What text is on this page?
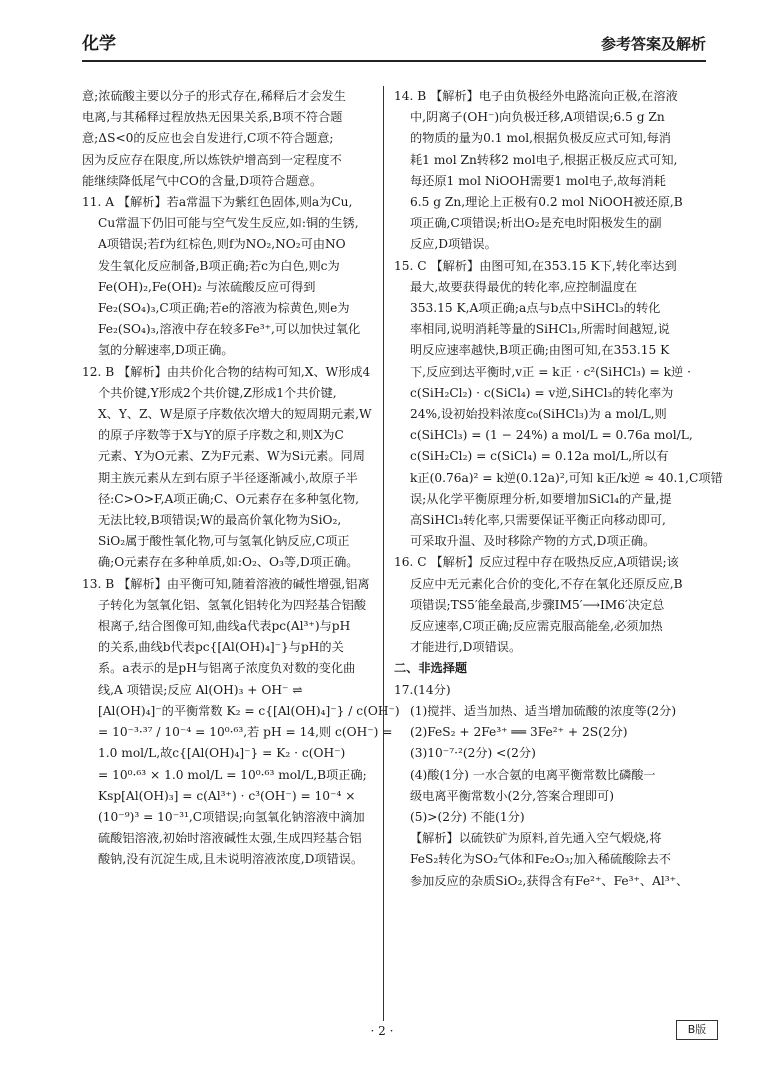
化学	参考答案及解析

意;浓硫酸主要以分子的形式存在,稀释后才会发生

电离,与其稀释过程放热无因果关系,B项不符合题

意;ΔS<0的反应也会自发进行,C项不符合题意;

因为反应存在限度,所以炼铁炉增高到一定程度不

能继续降低尾气中CO的含量,D项符合题意。

11. A 【解析】若a常温下为紫红色固体,则a为Cu,

Cu常温下仍旧可能与空气发生反应,如:铜的生锈,

A项错误;若f为红棕色,则f为NO₂,NO₂可由NO

发生氧化反应制备,B项正确;若c为白色,则c为

Fe(OH)₂,Fe(OH)₂ 与浓硫酸反应可得到

Fe₂(SO₄)₃,C项正确;若e的溶液为棕黄色,则e为

Fe₂(SO₄)₃,溶液中存在较多Fe³⁺,可以加快过氧化

氢的分解速率,D项正确。

12. B 【解析】由共价化合物的结构可知,X、W形成4

个共价键,Y形成2个共价键,Z形成1个共价键,

X、Y、Z、W是原子序数依次增大的短周期元素,W

的原子序数等于X与Y的原子序数之和,则X为C

元素、Y为O元素、Z为F元素、W为Si元素。同周

期主族元素从左到右原子半径逐渐减小,故原子半

径:C>O>F,A项正确;C、O元素存在多种氢化物,

无法比较,B项错误;W的最高价氧化物为SiO₂,

SiO₂属于酸性氧化物,可与氢氧化钠反应,C项正

确;O元素存在多种单质,如:O₂、O₃等,D项正确。

13. B 【解析】由平衡可知,随着溶液的碱性增强,铝离

子转化为氢氧化铝、氢氧化铝转化为四羟基合铝酸

根离子,结合图像可知,曲线a代表pc(Al³⁺)与pH

的关系,曲线b代表pc{[Al(OH)₄]⁻}与pH的关

系。a表示的是pH与铝离子浓度负对数的变化曲

线,A 项错误;反应 Al(OH)₃ + OH⁻ ⇌

[Al(OH)₄]⁻的平衡常数 K₂ = c{[Al(OH)₄]⁻} / c(OH⁻)

= 10⁻³·³⁷ / 10⁻⁴ = 10⁰·⁶³,若 pH = 14,则 c(OH⁻) =

1.0 mol/L,故c{[Al(OH)₄]⁻} = K₂ · c(OH⁻)

= 10⁰·⁶³ × 1.0 mol/L = 10⁰·⁶³ mol/L,B项正确;

Ksp[Al(OH)₃] = c(Al³⁺) · c³(OH⁻) = 10⁻⁴ ×

(10⁻⁹)³ = 10⁻³¹,C项错误;向氢氧化钠溶液中滴加

硫酸铝溶液,初始时溶液碱性太强,生成四羟基合铝

酸钠,没有沉淀生成,且未说明溶液浓度,D项错误。

14. B 【解析】电子由负极经外电路流向正极,在溶液

中,阴离子(OH⁻)向负极迁移,A项错误;6.5 g Zn

的物质的量为0.1 mol,根据负极反应式可知,每消

耗1 mol Zn转移2 mol电子,根据正极反应式可知,

每还原1 mol NiOOH需要1 mol电子,故每消耗

6.5 g Zn,理论上正极有0.2 mol NiOOH被还原,B

项正确,C项错误;析出O₂是充电时阳极发生的副

反应,D项错误。

15. C 【解析】由图可知,在353.15 K下,转化率达到

最大,故要获得最优的转化率,应控制温度在

353.15 K,A项正确;a点与b点中SiHCl₃的转化

率相同,说明消耗等量的SiHCl₃,所需时间越短,说

明反应速率越快,B项正确;由图可知,在353.15 K

下,反应到达平衡时,v正 = k正 · c²(SiHCl₃) = k逆 ·

c(SiH₂Cl₂) · c(SiCl₄) = v逆,SiHCl₃的转化率为

24%,设初始投料浓度c₀(SiHCl₃)为 a mol/L,则

c(SiHCl₃) = (1 − 24%) a mol/L = 0.76a mol/L,

c(SiH₂Cl₂) = c(SiCl₄) = 0.12a mol/L,所以有

k正(0.76a)² = k逆(0.12a)²,可知 k正/k逆 ≈ 40.1,C项错

误;从化学平衡原理分析,如要增加SiCl₄的产量,提

高SiHCl₃转化率,只需要保证平衡正向移动即可,

可采取升温、及时移除产物的方式,D项正确。

16. C 【解析】反应过程中存在吸热反应,A项错误;该

反应中无元素化合价的变化,不存在氧化还原反应,B

项错误;TS5′能垒最高,步骤IM5′⟶IM6′决定总

反应速率,C项正确;反应需克服高能垒,必须加热

才能进行,D项错误。

二、非选择题

17.(14分)

(1)搅拌、适当加热、适当增加硫酸的浓度等(2分)

(2)FeS₂ + 2Fe³⁺ ══ 3Fe²⁺ + 2S(2分)

(3)10⁻⁷·²(2分) <(2分)

(4)酸(1分) 一水合氨的电离平衡常数比磷酸一

级电离平衡常数小(2分,答案合理即可)

(5)>(2分) 不能(1分)

【解析】以硫铁矿为原料,首先通入空气煅烧,将

FeS₂转化为SO₂气体和Fe₂O₃;加入稀硫酸除去不

参加反应的杂质SiO₂,获得含有Fe²⁺、Fe³⁺、Al³⁺、

· 2 ·	B版
